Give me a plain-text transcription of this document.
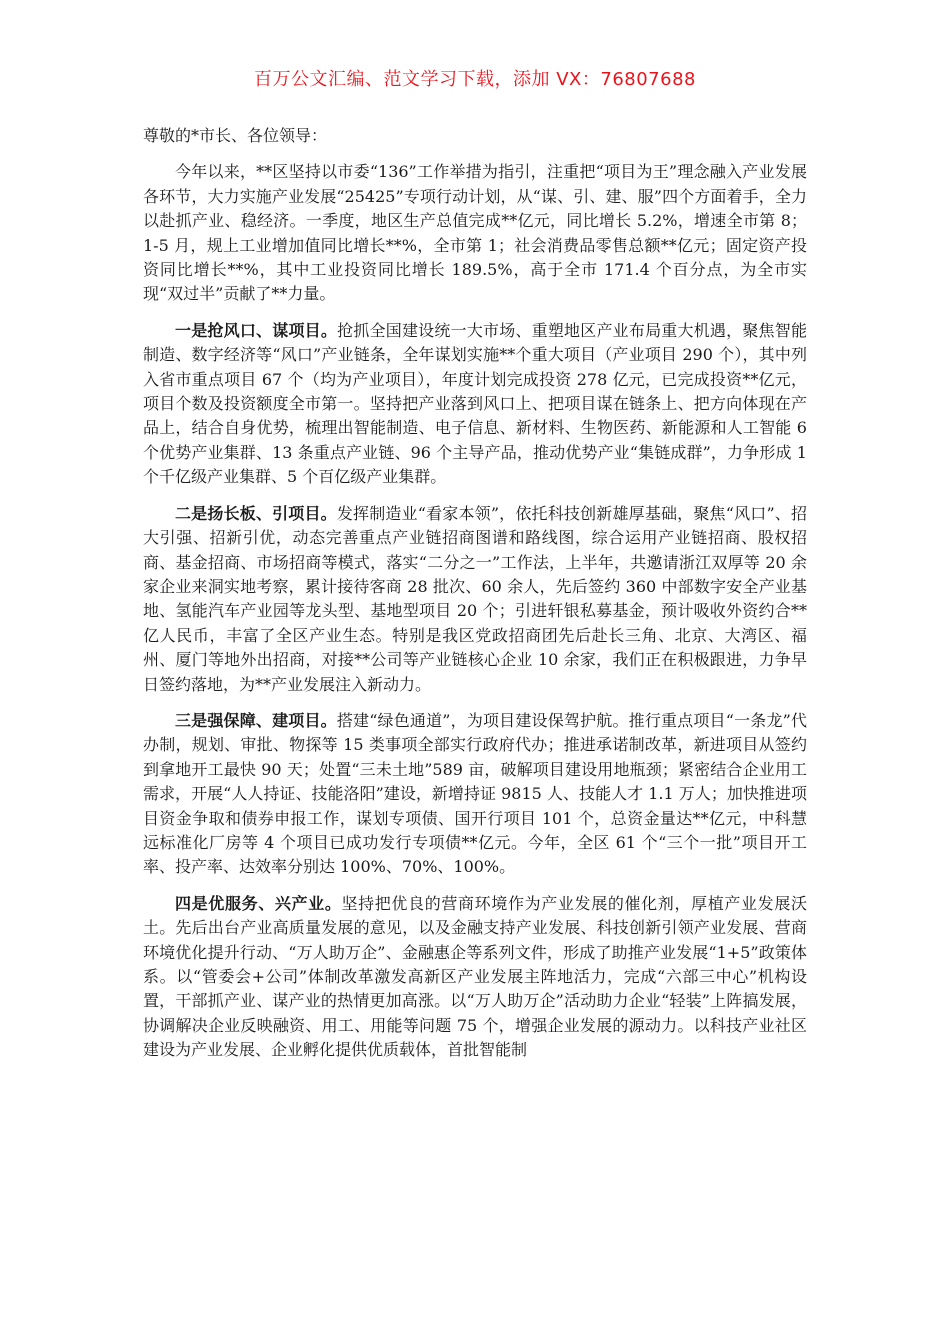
百万公文汇编、范文学习下载，添加 VX：76807688

尊敬的*市长、各位领导：

今年以来，**区坚持以市委“136”工作举措为指引，注重把“项目为王”理念融入产业发展各环节，大力实施产业发展“25425”专项行动计划，从“谋、引、建、服”四个方面着手，全力以赴抓产业、稳经济。一季度，地区生产总值完成**亿元，同比增长 5.2%，增速全市第 8；1-5 月，规上工业增加值同比增长**%，全市第 1；社会消费品零售总额**亿元；固定资产投资同比增长**%，其中工业投资同比增长 189.5%，高于全市 171.4 个百分点，为全市实现“双过半”贡献了**力量。

一是抢风口、谋项目。抢抓全国建设统一大市场、重塑地区产业布局重大机遇，聚焦智能制造、数字经济等“风口”产业链条，全年谋划实施**个重大项目（产业项目 290 个），其中列入省市重点项目 67 个（均为产业项目），年度计划完成投资 278 亿元，已完成投资**亿元，项目个数及投资额度全市第一。坚持把产业落到风口上、把项目谋在链条上、把方向体现在产品上，结合自身优势，梳理出智能制造、电子信息、新材料、生物医药、新能源和人工智能 6 个优势产业集群、13 条重点产业链、96 个主导产品，推动优势产业“集链成群”，力争形成 1 个千亿级产业集群、5 个百亿级产业集群。

二是扬长板、引项目。发挥制造业“看家本领”，依托科技创新雄厚基础，聚焦“风口”、招大引强、招新引优，动态完善重点产业链招商图谱和路线图，综合运用产业链招商、股权招商、基金招商、市场招商等模式，落实“二分之一”工作法，上半年，共邀请浙江双厚等 20 余家企业来洞实地考察，累计接待客商 28 批次、60 余人，先后签约 360 中部数字安全产业基地、氢能汽车产业园等龙头型、基地型项目 20 个；引进轩银私募基金，预计吸收外资约合**亿人民币，丰富了全区产业生态。特别是我区党政招商团先后赴长三角、北京、大湾区、福州、厦门等地外出招商，对接**公司等产业链核心企业 10 余家，我们正在积极跟进，力争早日签约落地，为**产业发展注入新动力。

三是强保障、建项目。搭建“绿色通道”，为项目建设保驾护航。推行重点项目“一条龙”代办制，规划、审批、物探等 15 类事项全部实行政府代办；推进承诺制改革，新进项目从签约到拿地开工最快 90 天；处置“三未土地”589 亩，破解项目建设用地瓶颈；紧密结合企业用工需求，开展“人人持证、技能洛阳”建设，新增持证 9815 人、技能人才 1.1 万人；加快推进项目资金争取和债券申报工作，谋划专项债、国开行项目 101 个，总资金量达**亿元，中科慧远标准化厂房等 4 个项目已成功发行专项债**亿元。今年，全区 61 个“三个一批”项目开工率、投产率、达效率分别达 100%、70%、100%。

四是优服务、兴产业。坚持把优良的营商环境作为产业发展的催化剂，厚植产业发展沃土。先后出台产业高质量发展的意见，以及金融支持产业发展、科技创新引领产业发展、营商环境优化提升行动、“万人助万企”、金融惠企等系列文件，形成了助推产业发展“1+5”政策体系。以“管委会+公司”体制改革激发高新区产业发展主阵地活力，完成“六部三中心”机构设置，干部抓产业、谋产业的热情更加高涨。以“万人助万企”活动助力企业“轻装”上阵搞发展，协调解决企业反映融资、用工、用能等问题 75 个，增强企业发展的源动力。以科技产业社区建设为产业发展、企业孵化提供优质载体，首批智能制
